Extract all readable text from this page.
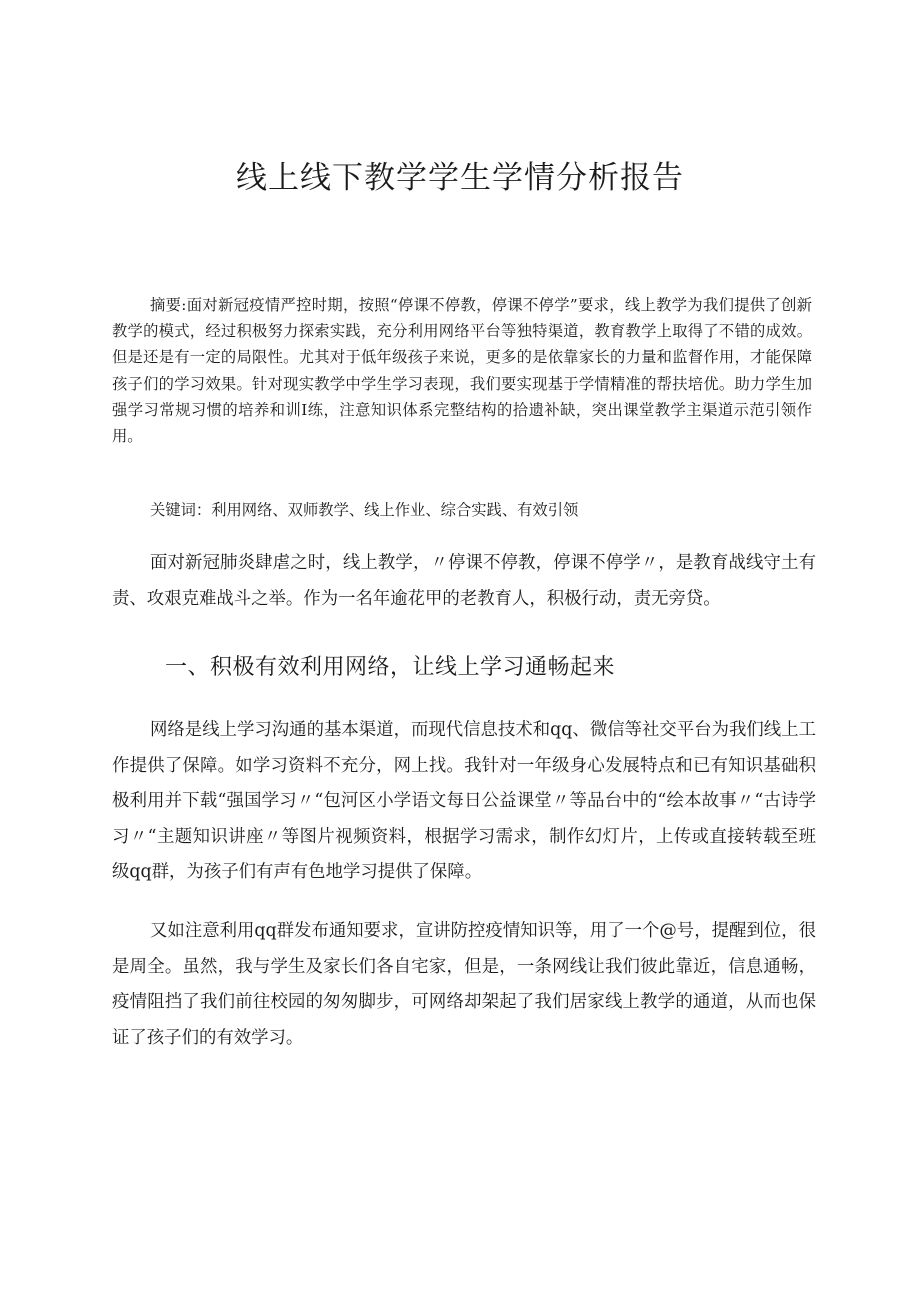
线上线下教学学生学情分析报告

摘要:面对新冠疫情严控时期，按照“停课不停教，停课不停学”要求，线上教学为我们提供了创新教学的模式，经过积极努力探索实践，充分利用网络平台等独特渠道，教育教学上取得了不错的成效。但是还是有一定的局限性。尤其对于低年级孩子来说，更多的是依靠家长的力量和监督作用，才能保障孩子们的学习效果。针对现实教学中学生学习表现，我们要实现基于学情精准的帮扶培优。助力学生加强学习常规习惯的培养和训Ⅰ练，注意知识体系完整结构的拾遗补缺，突出课堂教学主渠道示范引领作用。

关键词：利用网络、双师教学、线上作业、综合实践、有效引领

面对新冠肺炎肆虐之时，线上教学，〃停课不停教，停课不停学〃，是教育战线守土有责、攻艰克难战斗之举。作为一名年逾花甲的老教育人，积极行动，责无旁贷。

一、积极有效利用网络，让线上学习通畅起来

网络是线上学习沟通的基本渠道，而现代信息技术和qq、微信等社交平台为我们线上工作提供了保障。如学习资料不充分，网上找。我针对一年级身心发展特点和已有知识基础积极利用并下载“强国学习〃“包河区小学语文每日公益课堂〃等品台中的“绘本故事〃“古诗学习〃“主题知识讲座〃等图片视频资料，根据学习需求，制作幻灯片，上传或直接转载至班级qq群，为孩子们有声有色地学习提供了保障。

又如注意利用qq群发布通知要求，宣讲防控疫情知识等，用了一个@号，提醒到位，很是周全。虽然，我与学生及家长们各自宅家，但是，一条网线让我们彼此靠近，信息通畅，疫情阻挡了我们前往校园的匆匆脚步，可网络却架起了我们居家线上教学的通道，从而也保证了孩子们的有效学习。
